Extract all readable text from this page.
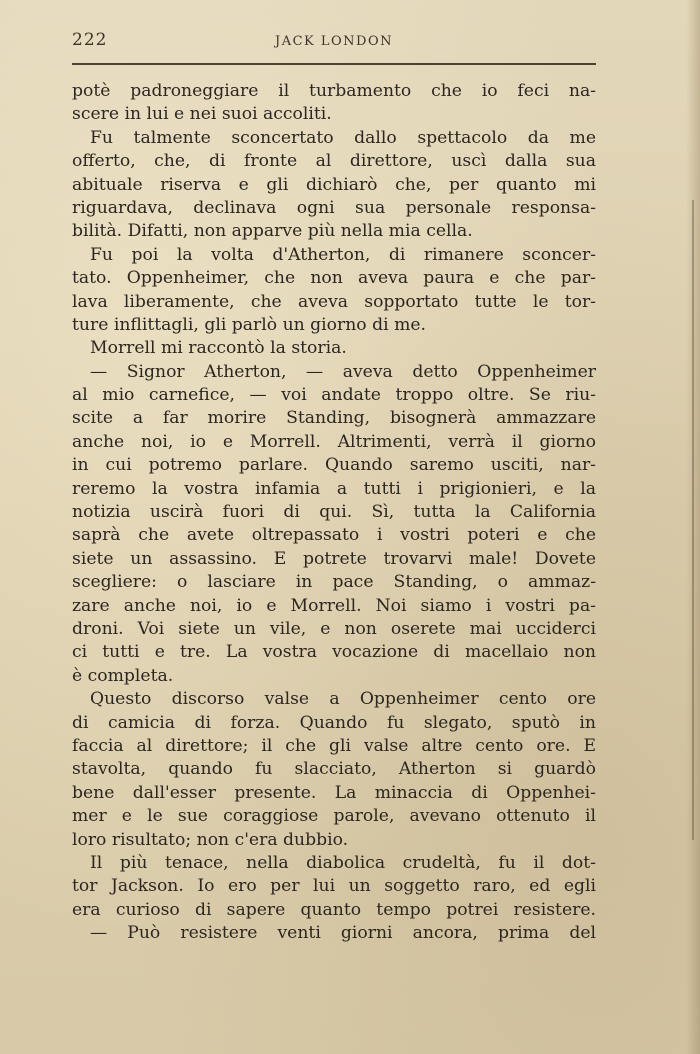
222	JACK LONDON
potè padroneggiare il turbamento che io feci na-
scere in lui e nei suoi accoliti.
Fu talmente sconcertato dallo spettacolo da me
offerto, che, di fronte al direttore, uscì dalla sua
abituale riserva e gli dichiarò che, per quanto mi
riguardava, declinava ogni sua personale responsa-
bilità. Difatti, non apparve più nella mia cella.
Fu poi la volta d'Atherton, di rimanere sconcer-
tato. Oppenheimer, che non aveva paura e che par-
lava liberamente, che aveva sopportato tutte le tor-
ture inflittagli, gli parlò un giorno di me.
Morrell mi raccontò la storia.
— Signor Atherton, — aveva detto Oppenheimer
al mio carnefice, — voi andate troppo oltre. Se riu-
scite a far morire Standing, bisognerà ammazzare
anche noi, io e Morrell. Altrimenti, verrà il giorno
in cui potremo parlare. Quando saremo usciti, nar-
reremo la vostra infamia a tutti i prigionieri, e la
notizia uscirà fuori di qui. Sì, tutta la California
saprà che avete oltrepassato i vostri poteri e che
siete un assassino. E potrete trovarvi male! Dovete
scegliere: o lasciare in pace Standing, o ammaz-
zare anche noi, io e Morrell. Noi siamo i vostri pa-
droni. Voi siete un vile, e non oserete mai ucciderci
ci tutti e tre. La vostra vocazione di macellaio non
è completa.
Questo discorso valse a Oppenheimer cento ore
di camicia di forza. Quando fu slegato, sputò in
faccia al direttore; il che gli valse altre cento ore. E
stavolta, quando fu slacciato, Atherton si guardò
bene dall'esser presente. La minaccia di Oppenhei-
mer e le sue coraggiose parole, avevano ottenuto il
loro risultato; non c'era dubbio.
Il più tenace, nella diabolica crudeltà, fu il dot-
tor Jackson. Io ero per lui un soggetto raro, ed egli
era curioso di sapere quanto tempo potrei resistere.
— Può resistere venti giorni ancora, prima del
